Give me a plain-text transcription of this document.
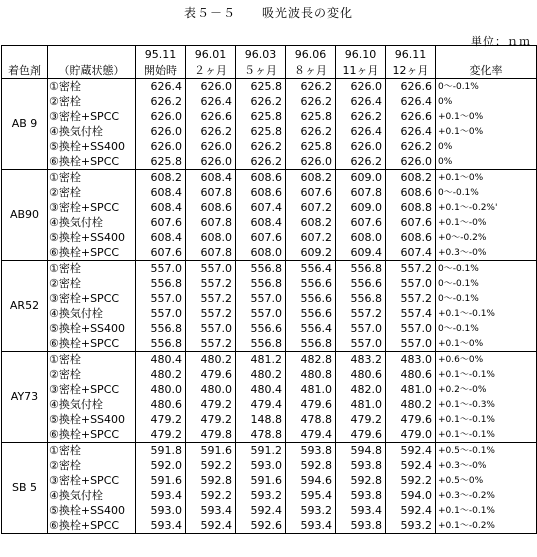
表５－５　　吸光波長の変化
単位：ｎｍ
		95.11	96.01	96.03	96.06	96.10	96.11	
着色剤	（貯蔵状態）	開始時	２ヶ月	５ヶ月	８ヶ月	11ヶ月	12ヶ月	変化率
AB 9	①密栓	626.4	626.0	625.8	626.2	626.0	626.6	0～-0.1%
	②密栓	626.2	626.4	626.2	626.2	626.4	626.4	0%
	③密栓+SPCC	626.0	626.6	625.8	625.8	626.2	626.6	+0.1～0%
	④換気付栓	626.0	626.2	625.8	626.2	626.4	626.4	+0.1～0%
	⑤換栓+SS400	626.0	626.0	626.2	625.8	626.0	626.2	0%
	⑥換栓+SPCC	625.8	626.0	626.2	626.0	626.2	626.0	0%
AB90	①密栓	608.2	608.4	608.6	608.2	609.0	608.2	+0.1～0%
	②密栓	608.4	607.8	608.6	607.6	607.8	608.6	0～-0.1%
	③密栓+SPCC	608.4	608.6	607.4	607.2	609.0	608.8	+0.1～-0.2%'
	④換気付栓	607.6	607.8	608.4	608.2	607.6	607.6	+0.1～-0%
	⑤換栓+SS400	608.4	608.0	607.6	607.2	608.0	608.6	+0～-0.2%
	⑥換栓+SPCC	607.6	607.8	608.0	609.2	609.4	607.4	+0.3～-0%
AR52	①密栓	557.0	557.0	556.8	556.4	556.8	557.2	0～-0.1%
	②密栓	556.8	557.2	556.8	556.6	556.6	557.0	0～-0.1%
	③密栓+SPCC	557.0	557.2	557.0	556.6	556.8	557.2	0～-0.1%
	④換気付栓	557.0	557.2	557.0	556.6	557.2	557.4	+0.1～-0.1%
	⑤換栓+SS400	556.8	557.0	556.6	556.4	557.0	557.0	0～-0.1%
	⑥換栓+SPCC	556.8	557.2	556.8	556.8	557.0	557.0	+0.1～0%
AY73	①密栓	480.4	480.2	481.2	482.8	483.2	483.0	+0.6～0%
	②密栓	480.2	479.6	480.2	480.8	480.6	480.6	+0.1～-0.1%
	③密栓+SPCC	480.0	480.0	480.4	481.0	482.0	481.0	+0.2～-0%
	④換気付栓	480.6	479.2	479.4	479.6	481.0	480.2	+0.1～-0.3%
	⑤換栓+SS400	479.2	479.2	148.8	478.8	479.2	479.6	+0.1～-0.1%
	⑥換栓+SPCC	479.2	479.8	478.8	479.4	479.6	479.0	+0.1～-0.1%
SB 5	①密栓	591.8	591.6	591.2	593.8	594.8	592.4	+0.5～-0.1%
	②密栓	592.0	592.2	593.0	592.8	593.8	592.4	+0.3～-0%
	③密栓+SPCC	591.6	592.8	591.6	594.6	592.8	592.2	+0.5～0%
	④換気付栓	593.4	592.2	593.2	595.4	593.8	594.0	+0.3～-0.2%
	⑤換栓+SS400	593.0	593.4	592.4	593.2	593.4	592.4	+0.1～-0.1%
	⑥換栓+SPCC	593.4	592.4	592.6	593.4	593.8	593.2	+0.1～-0.2%
